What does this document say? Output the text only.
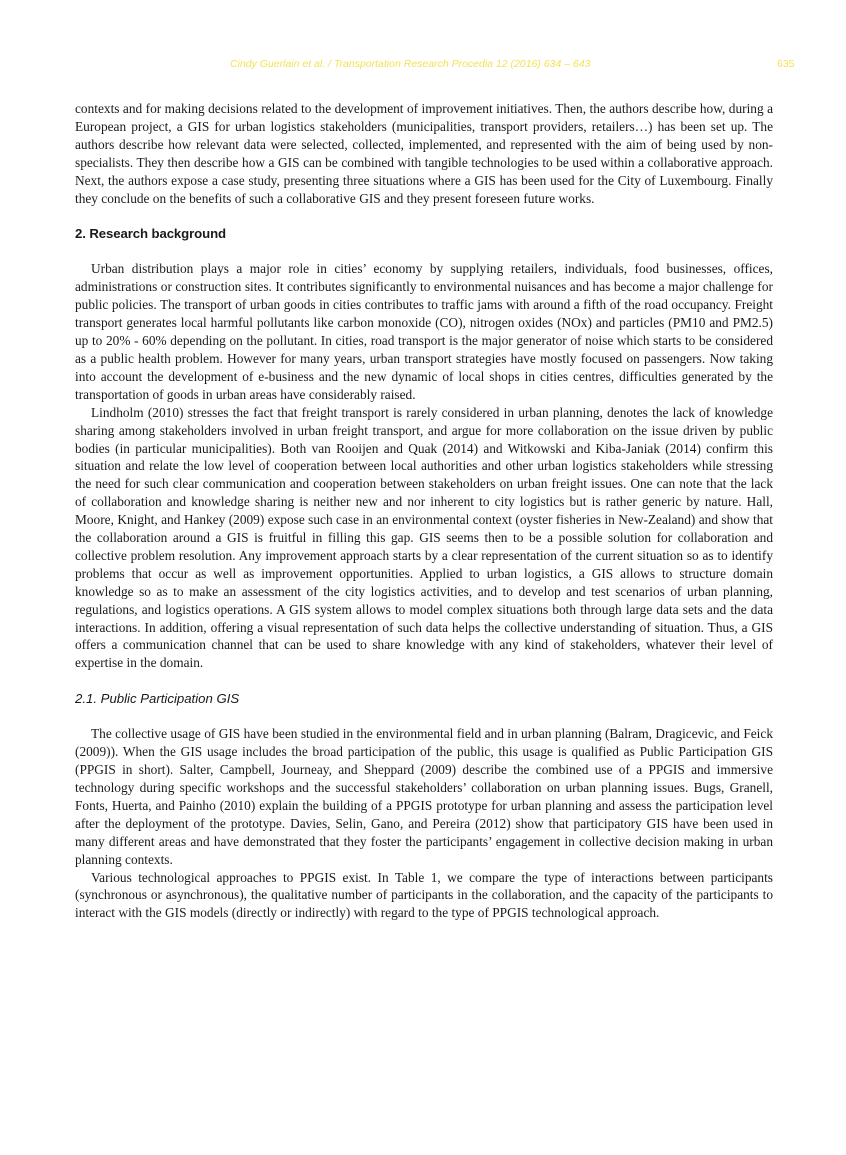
Cindy Guerlain et al. / Transportation Research Procedia 12 (2016) 634 – 643	635

contexts and for making decisions related to the development of improvement initiatives. Then, the authors describe how, during a European project, a GIS for urban logistics stakeholders (municipalities, transport providers, retailers…) has been set up. The authors describe how relevant data were selected, collected, implemented, and represented with the aim of being used by non-specialists. They then describe how a GIS can be combined with tangible technologies to be used within a collaborative approach. Next, the authors expose a case study, presenting three situations where a GIS has been used for the City of Luxembourg. Finally they conclude on the benefits of such a collaborative GIS and they present foreseen future works.

2. Research background

Urban distribution plays a major role in cities’ economy by supplying retailers, individuals, food businesses, offices, administrations or construction sites. It contributes significantly to environmental nuisances and has become a major challenge for public policies. The transport of urban goods in cities contributes to traffic jams with around a fifth of the road occupancy. Freight transport generates local harmful pollutants like carbon monoxide (CO), nitrogen oxides (NOx) and particles (PM10 and PM2.5) up to 20% - 60% depending on the pollutant. In cities, road transport is the major generator of noise which starts to be considered as a public health problem. However for many years, urban transport strategies have mostly focused on passengers. Now taking into account the development of e-business and the new dynamic of local shops in cities centres, difficulties generated by the transportation of goods in urban areas have considerably raised.

Lindholm (2010) stresses the fact that freight transport is rarely considered in urban planning, denotes the lack of knowledge sharing among stakeholders involved in urban freight transport, and argue for more collaboration on the issue driven by public bodies (in particular municipalities). Both van Rooijen and Quak (2014) and Witkowski and Kiba-Janiak (2014) confirm this situation and relate the low level of cooperation between local authorities and other urban logistics stakeholders while stressing the need for such clear communication and cooperation between stakeholders on urban freight issues. One can note that the lack of collaboration and knowledge sharing is neither new and nor inherent to city logistics but is rather generic by nature. Hall, Moore, Knight, and Hankey (2009) expose such case in an environmental context (oyster fisheries in New-Zealand) and show that the collaboration around a GIS is fruitful in filling this gap. GIS seems then to be a possible solution for collaboration and collective problem resolution. Any improvement approach starts by a clear representation of the current situation so as to identify problems that occur as well as improvement opportunities. Applied to urban logistics, a GIS allows to structure domain knowledge so as to make an assessment of the city logistics activities, and to develop and test scenarios of urban planning, regulations, and logistics operations. A GIS system allows to model complex situations both through large data sets and the data interactions. In addition, offering a visual representation of such data helps the collective understanding of situation. Thus, a GIS offers a communication channel that can be used to share knowledge with any kind of stakeholders, whatever their level of expertise in the domain.

2.1. Public Participation GIS

The collective usage of GIS have been studied in the environmental field and in urban planning (Balram, Dragicevic, and Feick (2009)). When the GIS usage includes the broad participation of the public, this usage is qualified as Public Participation GIS (PPGIS in short). Salter, Campbell, Journeay, and Sheppard (2009) describe the combined use of a PPGIS and immersive technology during specific workshops and the successful stakeholders’ collaboration on urban planning issues. Bugs, Granell, Fonts, Huerta, and Painho (2010) explain the building of a PPGIS prototype for urban planning and assess the participation level after the deployment of the prototype. Davies, Selin, Gano, and Pereira (2012) show that participatory GIS have been used in many different areas and have demonstrated that they foster the participants’ engagement in collective decision making in urban planning contexts.

Various technological approaches to PPGIS exist. In Table 1, we compare the type of interactions between participants (synchronous or asynchronous), the qualitative number of participants in the collaboration, and the capacity of the participants to interact with the GIS models (directly or indirectly) with regard to the type of PPGIS technological approach.
